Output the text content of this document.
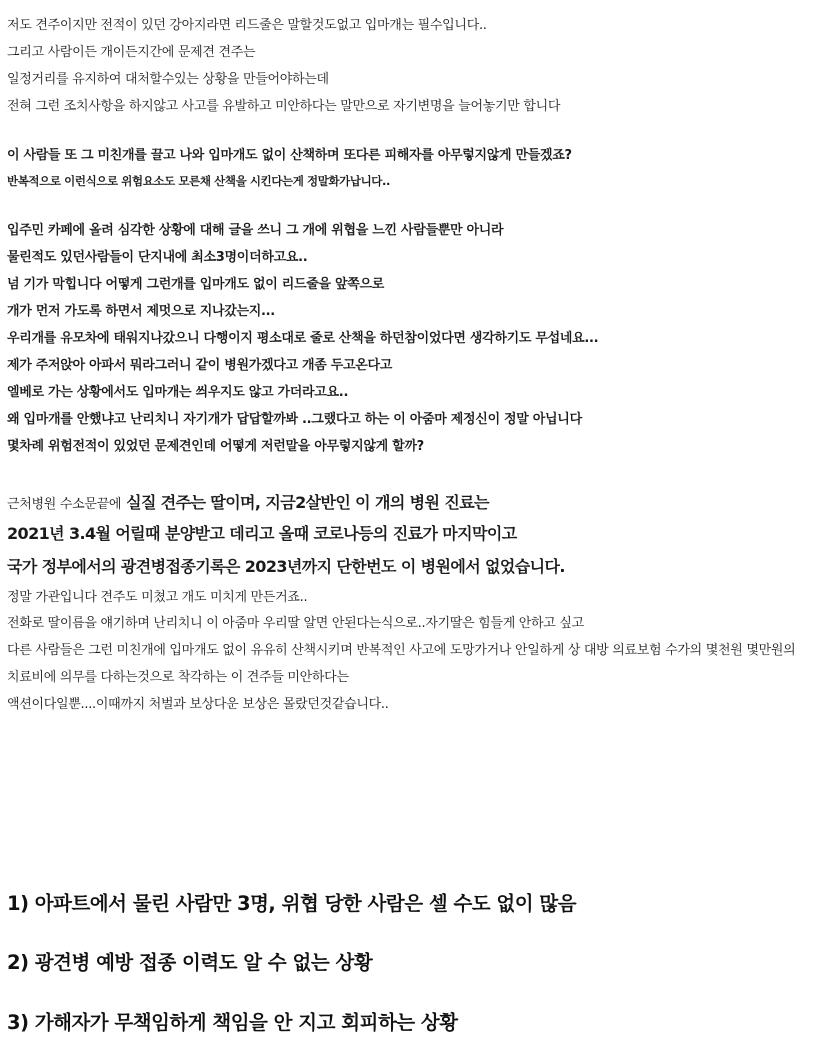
저도 견주이지만 전적이 있던 강아지라면 리드줄은 말할것도없고 입마개는 필수입니다..
그리고 사람이든 개이든지간에 문제견 견주는
일정거리를 유지하여 대처할수있는 상황을 만들어야하는데
전혀 그런 조치사항을 하지않고 사고를 유발하고 미안하다는 말만으로 자기변명을 늘어놓기만 합니다
이 사람들 또 그 미친개를 끌고 나와 입마개도 없이 산책하며 또다른 피해자를 아무렇지않게 만들겠죠?
반복적으로 이런식으로 위험요소도 모른채 산책을 시킨다는게 정말화가납니다..
입주민 카페에 올려 심각한 상황에 대해 글을 쓰니 그 개에 위협을 느낀 사람들뿐만 아니라
물린적도 있던사람들이 단지내에 최소3명이더하고요..
넘 기가 막힙니다 어떻게 그런개를 입마개도 없이 리드줄을 앞쪽으로
개가 먼저 가도록 하면서 제멋으로 지나갔는지...
우리개를 유모차에 태워지나갔으니 다행이지 평소대로 줄로 산책을 하던참이었다면 생각하기도 무섭네요...
제가 주저앉아 아파서 뭐라그러니 같이 병원가겠다고 개좀 두고온다고
엘베로 가는 상황에서도 입마개는 씌우지도 않고 가더라고요..
왜 입마개를 안했냐고 난리치니 자기개가 답답할까봐 ..그랬다고 하는 이 아줌마 제정신이 정말 아닙니다
몇차례 위험전적이 있었던 문제견인데 어떻게 저런말을 아무렇지않게 할까?
근처병원 수소문끝에 실질 견주는 딸이며, 지금2살반인 이 개의 병원 진료는
2021년 3.4월 어릴때 분양받고 데리고 올때 코로나등의 진료가 마지막이고
국가 정부에서의 광견병접종기록은 2023년까지 단한번도 이 병원에서 없었습니다.
정말 가관입니다 견주도 미쳤고 개도 미치게 만든거죠..
전화로 딸이름을 얘기하며 난리치니 이 아줌마 우리딸 알면 안된다는식으로..자기딸은 힘들게 안하고 싶고
다른 사람들은 그런 미친개에 입마개도 없이 유유히 산책시키며 반복적인 사고에 도망가거나 안일하게 상 대방 의료보험 수가의 몇천원 몇만원의
치료비에 의무를 다하는것으로 착각하는 이 견주들 미안하다는
액션이다일뿐....이때까지 처벌과 보상다운 보상은 몰랐던것같습니다..
1) 아파트에서 물린 사람만 3명, 위협 당한 사람은 셀 수도 없이 많음
2) 광견병 예방 접종 이력도 알 수 없는 상황
3) 가해자가 무책임하게 책임을 안 지고 회피하는 상황
